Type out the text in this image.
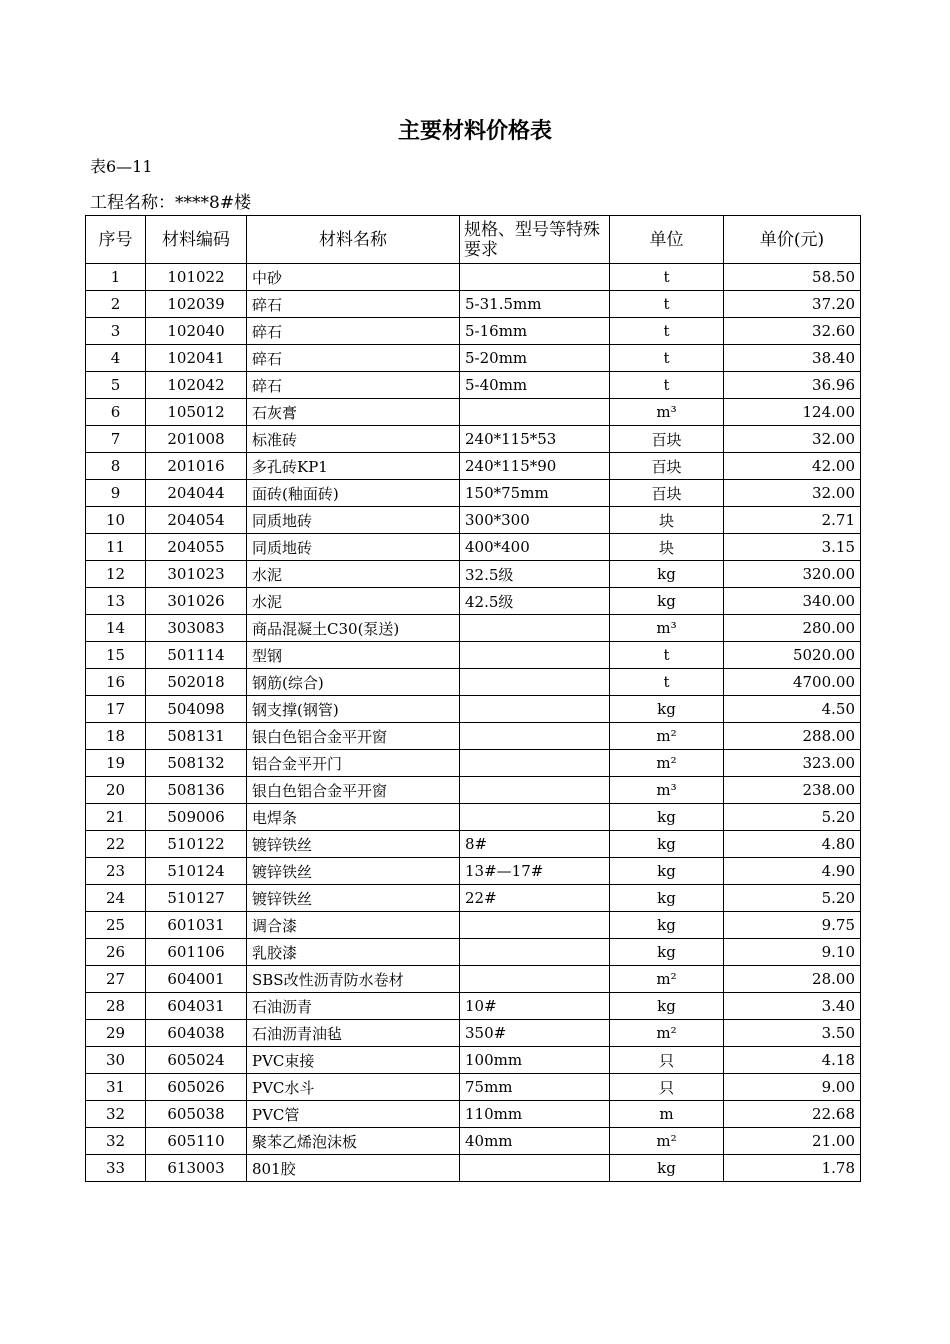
主要材料价格表
表6—11
工程名称：****8#楼
序号	材料编码	材料名称	规格、型号等特殊要求	单位	单价(元)
1	101022	中砂		t	58.50
2	102039	碎石	5-31.5mm	t	37.20
3	102040	碎石	5-16mm	t	32.60
4	102041	碎石	5-20mm	t	38.40
5	102042	碎石	5-40mm	t	36.96
6	105012	石灰膏		m³	124.00
7	201008	标准砖	240*115*53	百块	32.00
8	201016	多孔砖KP1	240*115*90	百块	42.00
9	204044	面砖(釉面砖)	150*75mm	百块	32.00
10	204054	同质地砖	300*300	块	2.71
11	204055	同质地砖	400*400	块	3.15
12	301023	水泥	32.5级	kg	320.00
13	301026	水泥	42.5级	kg	340.00
14	303083	商品混凝土C30(泵送)		m³	280.00
15	501114	型钢		t	5020.00
16	502018	钢筋(综合)		t	4700.00
17	504098	钢支撑(钢管)		kg	4.50
18	508131	银白色铝合金平开窗		m²	288.00
19	508132	铝合金平开门		m²	323.00
20	508136	银白色铝合金平开窗		m³	238.00
21	509006	电焊条		kg	5.20
22	510122	镀锌铁丝	8#	kg	4.80
23	510124	镀锌铁丝	13#—17#	kg	4.90
24	510127	镀锌铁丝	22#	kg	5.20
25	601031	调合漆		kg	9.75
26	601106	乳胶漆		kg	9.10
27	604001	SBS改性沥青防水卷材		m²	28.00
28	604031	石油沥青	10#	kg	3.40
29	604038	石油沥青油毡	350#	m²	3.50
30	605024	PVC束接	100mm	只	4.18
31	605026	PVC水斗	75mm	只	9.00
32	605038	PVC管	110mm	m	22.68
32	605110	聚苯乙烯泡沫板	40mm	m²	21.00
33	613003	801胶		kg	1.78
